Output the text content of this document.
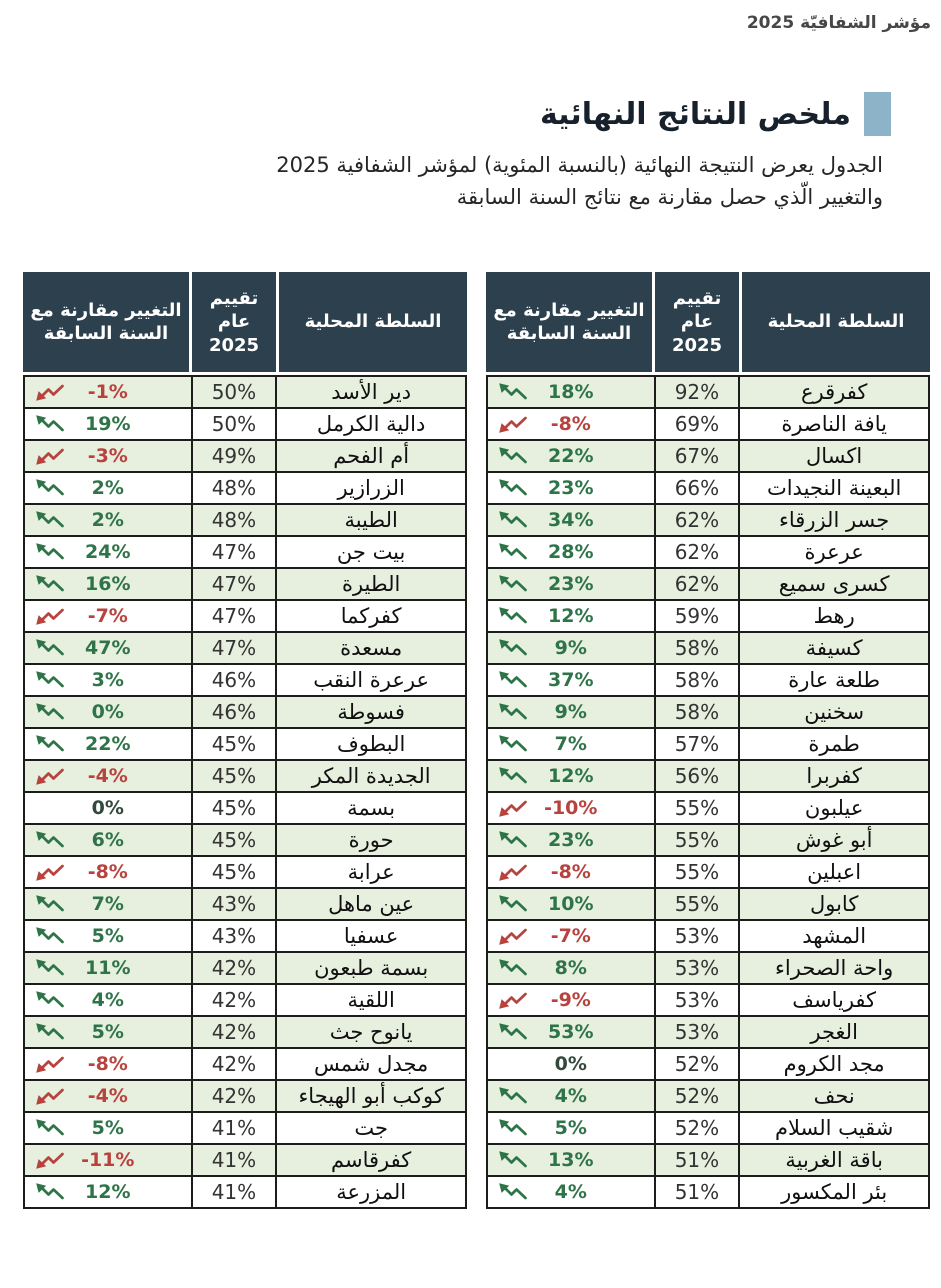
مؤشر الشفافيّة 2025
ملخص النتائج النهائية
الجدول يعرض النتيجة النهائية (بالنسبة المئوية) لمؤشر الشفافية 2025
والتغيير الّذي حصل مقارنة مع نتائج السنة السابقة
السلطة المحلية
تقييم عام 2025
التغيير مقارنة مع السنة السابقة
كفرقرع	92%	18%
يافة الناصرة	69%	-8%
اكسال	67%	22%
البعينة النجيدات	66%	23%
جسر الزرقاء	62%	34%
عرعرة	62%	28%
كسرى سميع	62%	23%
رهط	59%	12%
كسيفة	58%	9%
طلعة عارة	58%	37%
سخنين	58%	9%
طمرة	57%	7%
كفربرا	56%	12%
عيلبون	55%	-10%
أبو غوش	55%	23%
اعبلين	55%	-8%
كابول	55%	10%
المشهد	53%	-7%
واحة الصحراء	53%	8%
كفرياسف	53%	-9%
الغجر	53%	53%
مجد الكروم	52%	0%
نحف	52%	4%
شقيب السلام	52%	5%
باقة الغربية	51%	13%
بئر المكسور	51%	4%
السلطة المحلية
تقييم عام 2025
التغيير مقارنة مع السنة السابقة
دير الأسد	50%	-1%
دالية الكرمل	50%	19%
أم الفحم	49%	-3%
الزرازير	48%	2%
الطيبة	48%	2%
بيت جن	47%	24%
الطيرة	47%	16%
كفركما	47%	-7%
مسعدة	47%	47%
عرعرة النقب	46%	3%
فسوطة	46%	0%
البطوف	45%	22%
الجديدة المكر	45%	-4%
بسمة	45%	0%
حورة	45%	6%
عرابة	45%	-8%
عين ماهل	43%	7%
عسفيا	43%	5%
بسمة طبعون	42%	11%
اللقية	42%	4%
يانوح جث	42%	5%
مجدل شمس	42%	-8%
كوكب أبو الهيجاء	42%	-4%
جت	41%	5%
كفرقاسم	41%	-11%
المزرعة	41%	12%
